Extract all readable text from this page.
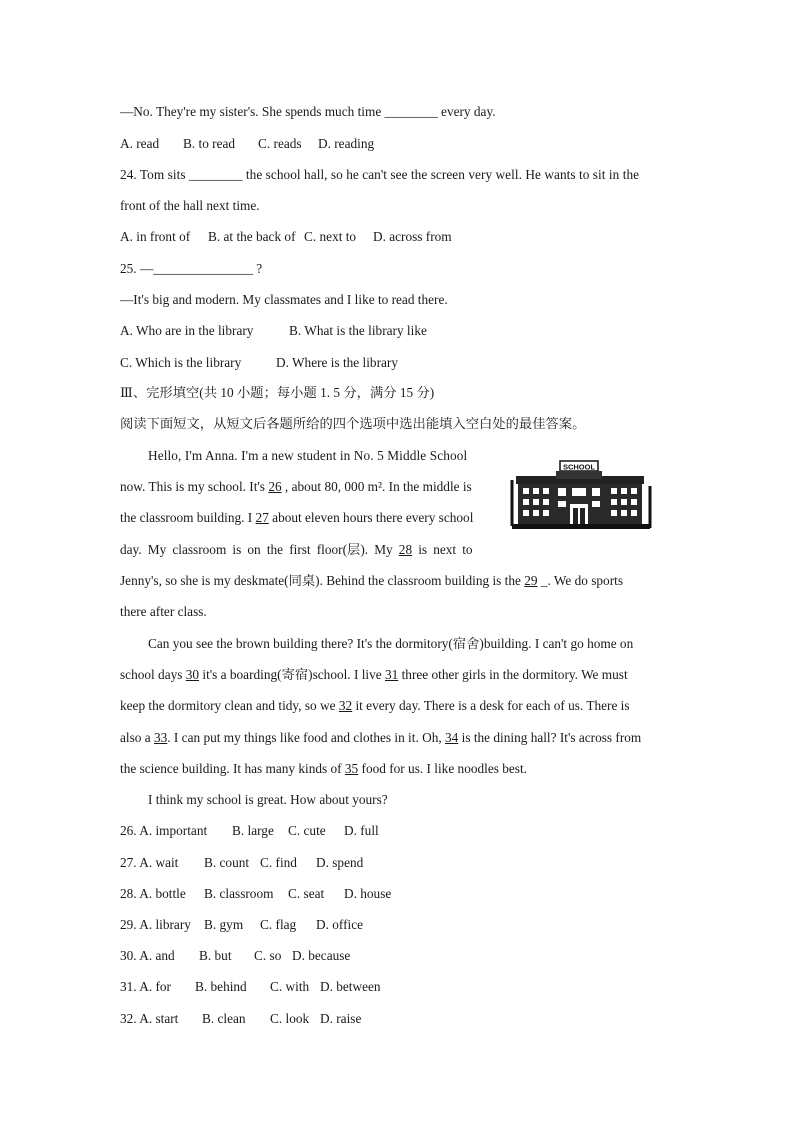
—No. They're my sister's. She spends much time ________ every day.
A. read B. to read C. reads D. reading
24. Tom sits ________ the school hall, so he can't see the screen very well. He wants to sit in the
front of the hall next time.
A. in front of B. at the back of C. next to D. across from
25. —_______________ ?
—It's big and modern. My classmates and I like to read there.
A. Who are in the library	B. What is the library like
C. Which is the library	D. Where is the library
Ⅲ、完形填空(共 10 小题；每小题 1. 5 分，满分 15 分)
阅读下面短文，从短文后各题所给的四个选项中选出能填入空白处的最佳答案。
SCHOOL
Hello, I'm Anna. I'm a new student in No. 5 Middle School
now. This is my school. It's 26 , about 80, 000 m². In the middle is
the classroom building. I 27 about eleven hours there every school
day. My classroom is on the first floor(层). My 28 is next to
Jenny's, so she is my deskmate(同桌). Behind the classroom building is the 29 _. We do sports
there after class.
Can you see the brown building there? It's the dormitory(宿舍)building. I can't go home on
school days 30 it's a boarding(寄宿)school. I live 31 three other girls in the dormitory. We must
keep the dormitory clean and tidy, so we 32 it every day. There is a desk for each of us. There is
also a 33. I can put my things like food and clothes in it. Oh, 34 is the dining hall? It's across from
the science building. It has many kinds of 35 food for us. I like noodles best.
I think my school is great. How about yours?
26. A. important B. large C. cute D. full
27. A. wait B. count C. find D. spend
28. A. bottle B. classroom C. seat D. house
29. A. library B. gym C. flag D. office
30. A. and B. but C. so D. because
31. A. for B. behind C. with D. between
32. A. start B. clean C. look D. raise
